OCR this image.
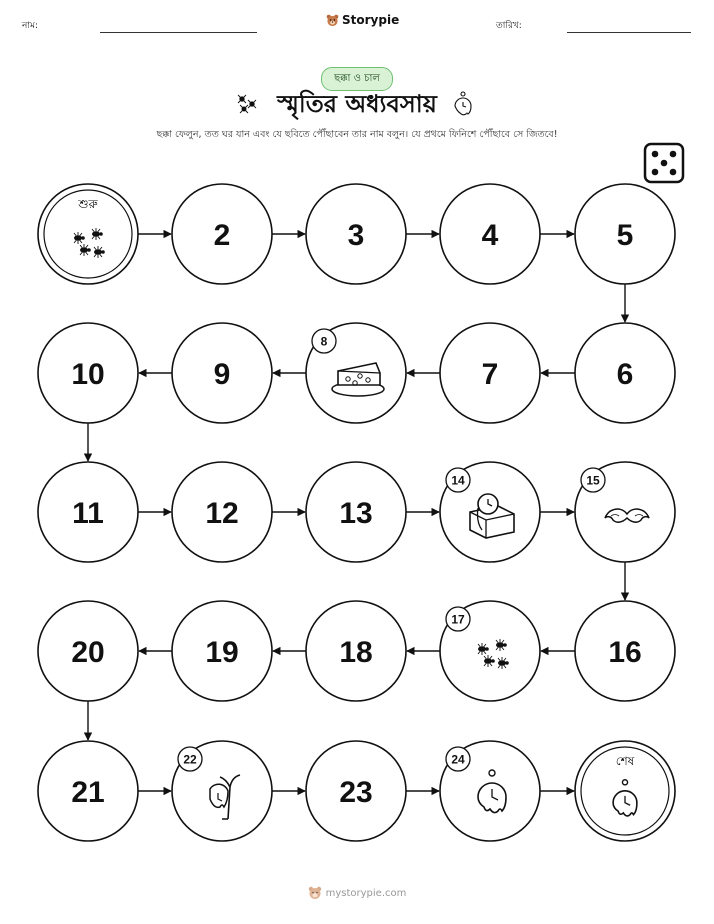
নাম:	Storypie	তারিখ:
ছক্কা ও চাল
স্মৃতির অধ্যবসায়
ছক্কা ফেলুন, তত ঘর যান এবং যে ছবিতে পৌঁছাবেন তার নাম বলুন। যে প্রথমে ফিনিশে পৌঁছাবে সে জিতবে!
শুরু
2	3	4	5
6
7
8
9
10
11	12	13
14	15
16
17
18
19
20
21
22
23
24	শেষ
mystorypie.com
